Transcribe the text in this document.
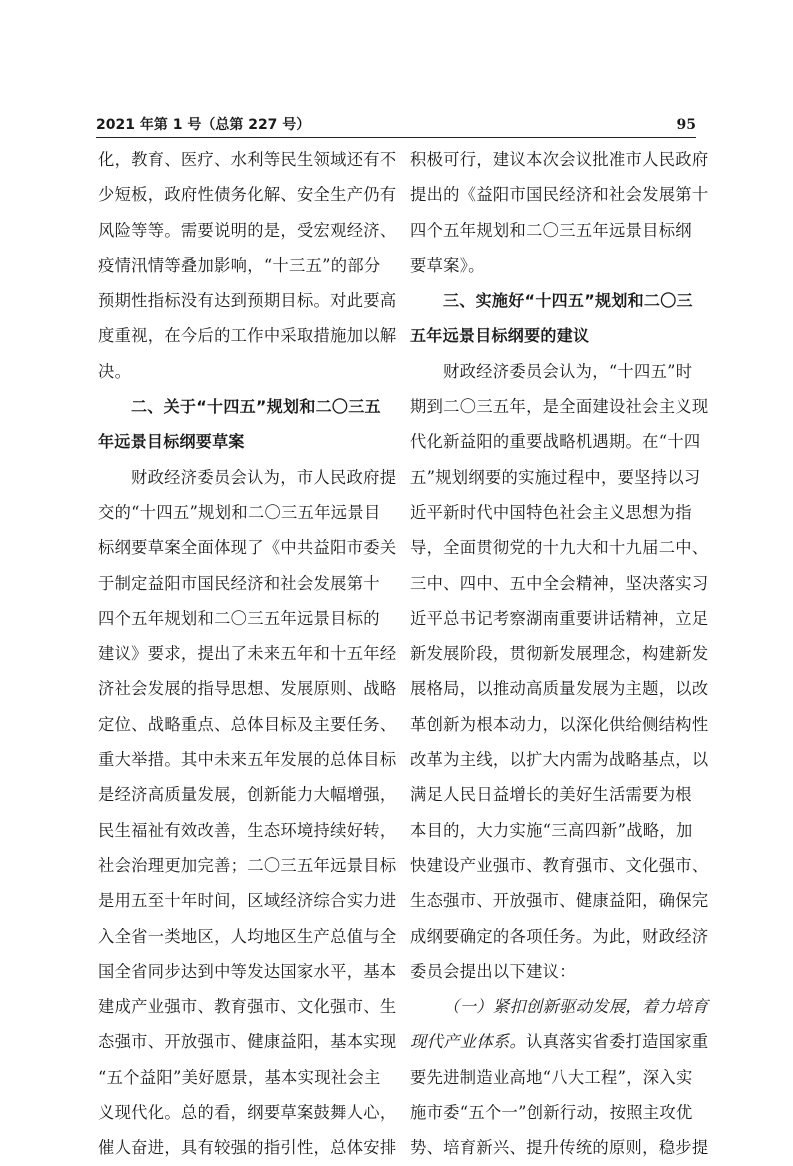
2021 年第 1 号（总第 227 号）	95
化，教育、医疗、水利等民生领域还有不
少短板，政府性债务化解、安全生产仍有
风险等等。需要说明的是，受宏观经济、
疫情汛情等叠加影响，“十三五”的部分
预期性指标没有达到预期目标。对此要高
度重视，在今后的工作中采取措施加以解
决。
二、关于“十四五”规划和二〇三五
年远景目标纲要草案
财政经济委员会认为，市人民政府提
交的“十四五”规划和二〇三五年远景目
标纲要草案全面体现了《中共益阳市委关
于制定益阳市国民经济和社会发展第十
四个五年规划和二〇三五年远景目标的
建议》要求，提出了未来五年和十五年经
济社会发展的指导思想、发展原则、战略
定位、战略重点、总体目标及主要任务、
重大举措。其中未来五年发展的总体目标
是经济高质量发展，创新能力大幅增强，
民生福祉有效改善，生态环境持续好转，
社会治理更加完善；二〇三五年远景目标
是用五至十年时间，区域经济综合实力进
入全省一类地区，人均地区生产总值与全
国全省同步达到中等发达国家水平，基本
建成产业强市、教育强市、文化强市、生
态强市、开放强市、健康益阳，基本实现
“五个益阳”美好愿景，基本实现社会主
义现代化。总的看，纲要草案鼓舞人心，
催人奋进，具有较强的指引性，总体安排
积极可行，建议本次会议批准市人民政府
提出的《益阳市国民经济和社会发展第十
四个五年规划和二〇三五年远景目标纲
要草案》。
三、实施好“十四五”规划和二〇三
五年远景目标纲要的建议
财政经济委员会认为，“十四五”时
期到二〇三五年，是全面建设社会主义现
代化新益阳的重要战略机遇期。在“十四
五”规划纲要的实施过程中，要坚持以习
近平新时代中国特色社会主义思想为指
导，全面贯彻党的十九大和十九届二中、
三中、四中、五中全会精神，坚决落实习
近平总书记考察湖南重要讲话精神，立足
新发展阶段，贯彻新发展理念，构建新发
展格局，以推动高质量发展为主题，以改
革创新为根本动力，以深化供给侧结构性
改革为主线，以扩大内需为战略基点，以
满足人民日益增长的美好生活需要为根
本目的，大力实施“三高四新”战略，加
快建设产业强市、教育强市、文化强市、
生态强市、开放强市、健康益阳，确保完
成纲要确定的各项任务。为此，财政经济
委员会提出以下建议：
（一）紧扣创新驱动发展，着力培育
现代产业体系。认真落实省委打造国家重
要先进制造业高地“八大工程”，深入实
施市委“五个一”创新行动，按照主攻优
势、培育新兴、提升传统的原则，稳步提
